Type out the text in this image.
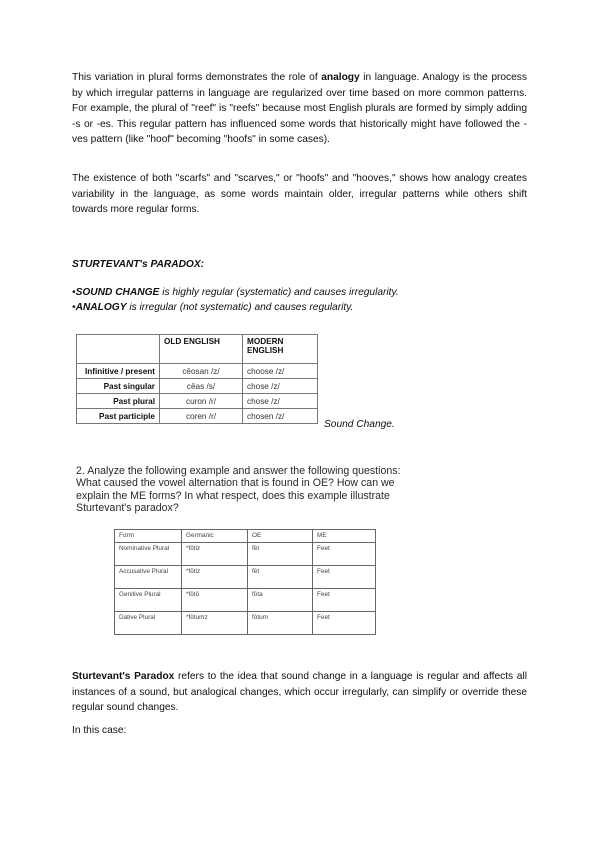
This variation in plural forms demonstrates the role of analogy in language. Analogy is the process by which irregular patterns in language are regularized over time based on more common patterns. For example, the plural of "reef" is "reefs" because most English plurals are formed by simply adding -s or -es. This regular pattern has influenced some words that historically might have followed the -ves pattern (like "hoof" becoming "hoofs" in some cases).

The existence of both "scarfs" and "scarves," or "hoofs" and "hooves," shows how analogy creates variability in the language, as some words maintain older, irregular patterns while others shift towards more regular forms.

STURTEVANT's PARADOX:

•SOUND CHANGE is highly regular (systematic) and causes irregularity.

•ANALOGY is irregular (not systematic) and causes regularity.

	OLD ENGLISH	MODERN ENGLISH
Infinitive / present	cēosan /z/	choose /z/
Past singular	cēas /s/	chose /z/
Past plural	curon /r/	chose /z/
Past participle	coren /r/	chosen /z/
Sound Change.
2. Analyze the following example and answer the following questions:
What caused the vowel alternation that is found in OE? How can we
explain the ME forms? In what respect, does this example illustrate
Sturtevant's paradox?
Form	Germanic	OE	ME
Nominative Plural	*fōtiz	fēt	Feet
Accusative Plural	*fōtiz	fēt	Feet
Genitive Plural	*fōtō	fōta	Feet
Dative Plural	*fōtumz	fōtum	Feet

Sturtevant's Paradox refers to the idea that sound change in a language is regular and affects all instances of a sound, but analogical changes, which occur irregularly, can simplify or override these regular sound changes.

In this case:
